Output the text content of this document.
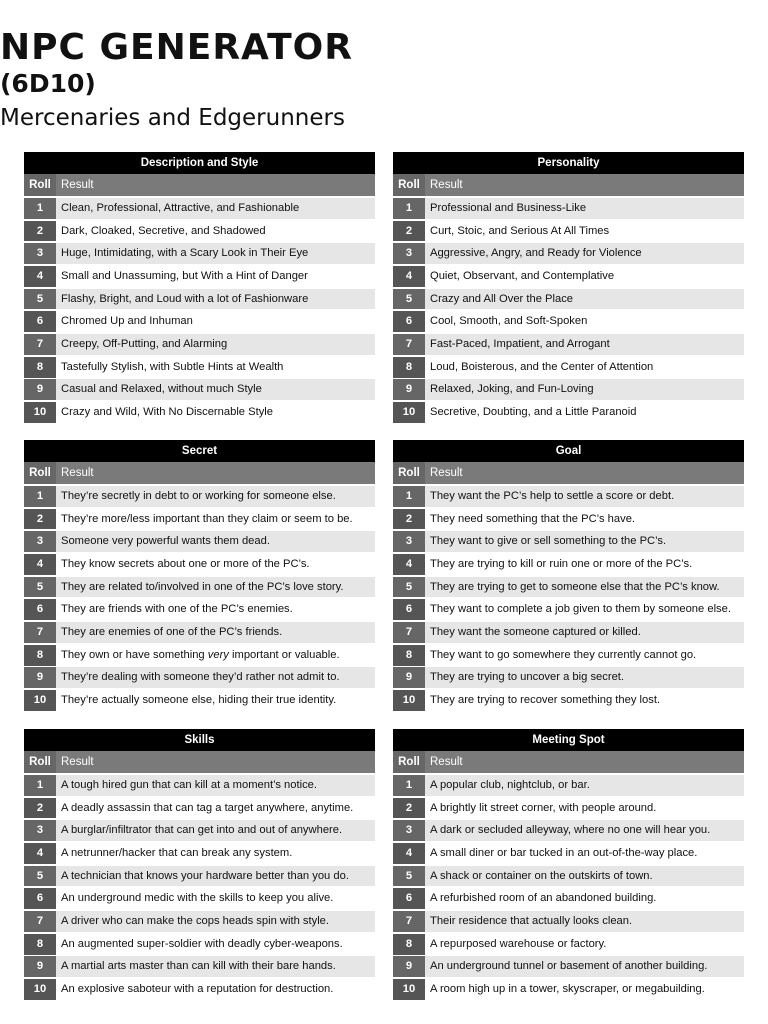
NPC GENERATOR
(6D10)
Mercenaries and Edgerunners
Description and Style
Roll Result
1	Clean, Professional, Attractive, and Fashionable
2	Dark, Cloaked, Secretive, and Shadowed
3	Huge, Intimidating, with a Scary Look in Their Eye
4	Small and Unassuming, but With a Hint of Danger
5	Flashy, Bright, and Loud with a lot of Fashionware
6	Chromed Up and Inhuman
7	Creepy, Off-Putting, and Alarming
8	Tastefully Stylish, with Subtle Hints at Wealth
9	Casual and Relaxed, without much Style
10	Crazy and Wild, With No Discernable Style
Personality
Roll Result
1	Professional and Business-Like
2	Curt, Stoic, and Serious At All Times
3	Aggressive, Angry, and Ready for Violence
4	Quiet, Observant, and Contemplative
5	Crazy and All Over the Place
6	Cool, Smooth, and Soft-Spoken
7	Fast-Paced, Impatient, and Arrogant
8	Loud, Boisterous, and the Center of Attention
9	Relaxed, Joking, and Fun-Loving
10	Secretive, Doubting, and a Little Paranoid
Secret
Roll Result
1	They’re secretly in debt to or working for someone else.
2	They’re more/less important than they claim or seem to be.
3	Someone very powerful wants them dead.
4	They know secrets about one or more of the PC’s.
5	They are related to/involved in one of the PC’s love story.
6	They are friends with one of the PC’s enemies.
7	They are enemies of one of the PC’s friends.
8	They own or have something very important or valuable.
9	They’re dealing with someone they’d rather not admit to.
10	They’re actually someone else, hiding their true identity.
Goal
Roll Result
1	They want the PC’s help to settle a score or debt.
2	They need something that the PC’s have.
3	They want to give or sell something to the PC’s.
4	They are trying to kill or ruin one or more of the PC’s.
5	They are trying to get to someone else that the PC’s know.
6	They want to complete a job given to them by someone else.
7	They want the someone captured or killed.
8	They want to go somewhere they currently cannot go.
9	They are trying to uncover a big secret.
10	They are trying to recover something they lost.
Skills
Roll Result
1	A tough hired gun that can kill at a moment’s notice.
2	A deadly assassin that can tag a target anywhere, anytime.
3	A burglar/infiltrator that can get into and out of anywhere.
4	A netrunner/hacker that can break any system.
5	A technician that knows your hardware better than you do.
6	An underground medic with the skills to keep you alive.
7	A driver who can make the cops heads spin with style.
8	An augmented super-soldier with deadly cyber-weapons.
9	A martial arts master than can kill with their bare hands.
10	An explosive saboteur with a reputation for destruction.
Meeting Spot
Roll Result
1	A popular club, nightclub, or bar.
2	A brightly lit street corner, with people around.
3	A dark or secluded alleyway, where no one will hear you.
4	A small diner or bar tucked in an out-of-the-way place.
5	A shack or container on the outskirts of town.
6	A refurbished room of an abandoned building.
7	Their residence that actually looks clean.
8	A repurposed warehouse or factory.
9	An underground tunnel or basement of another building.
10	A room high up in a tower, skyscraper, or megabuilding.
